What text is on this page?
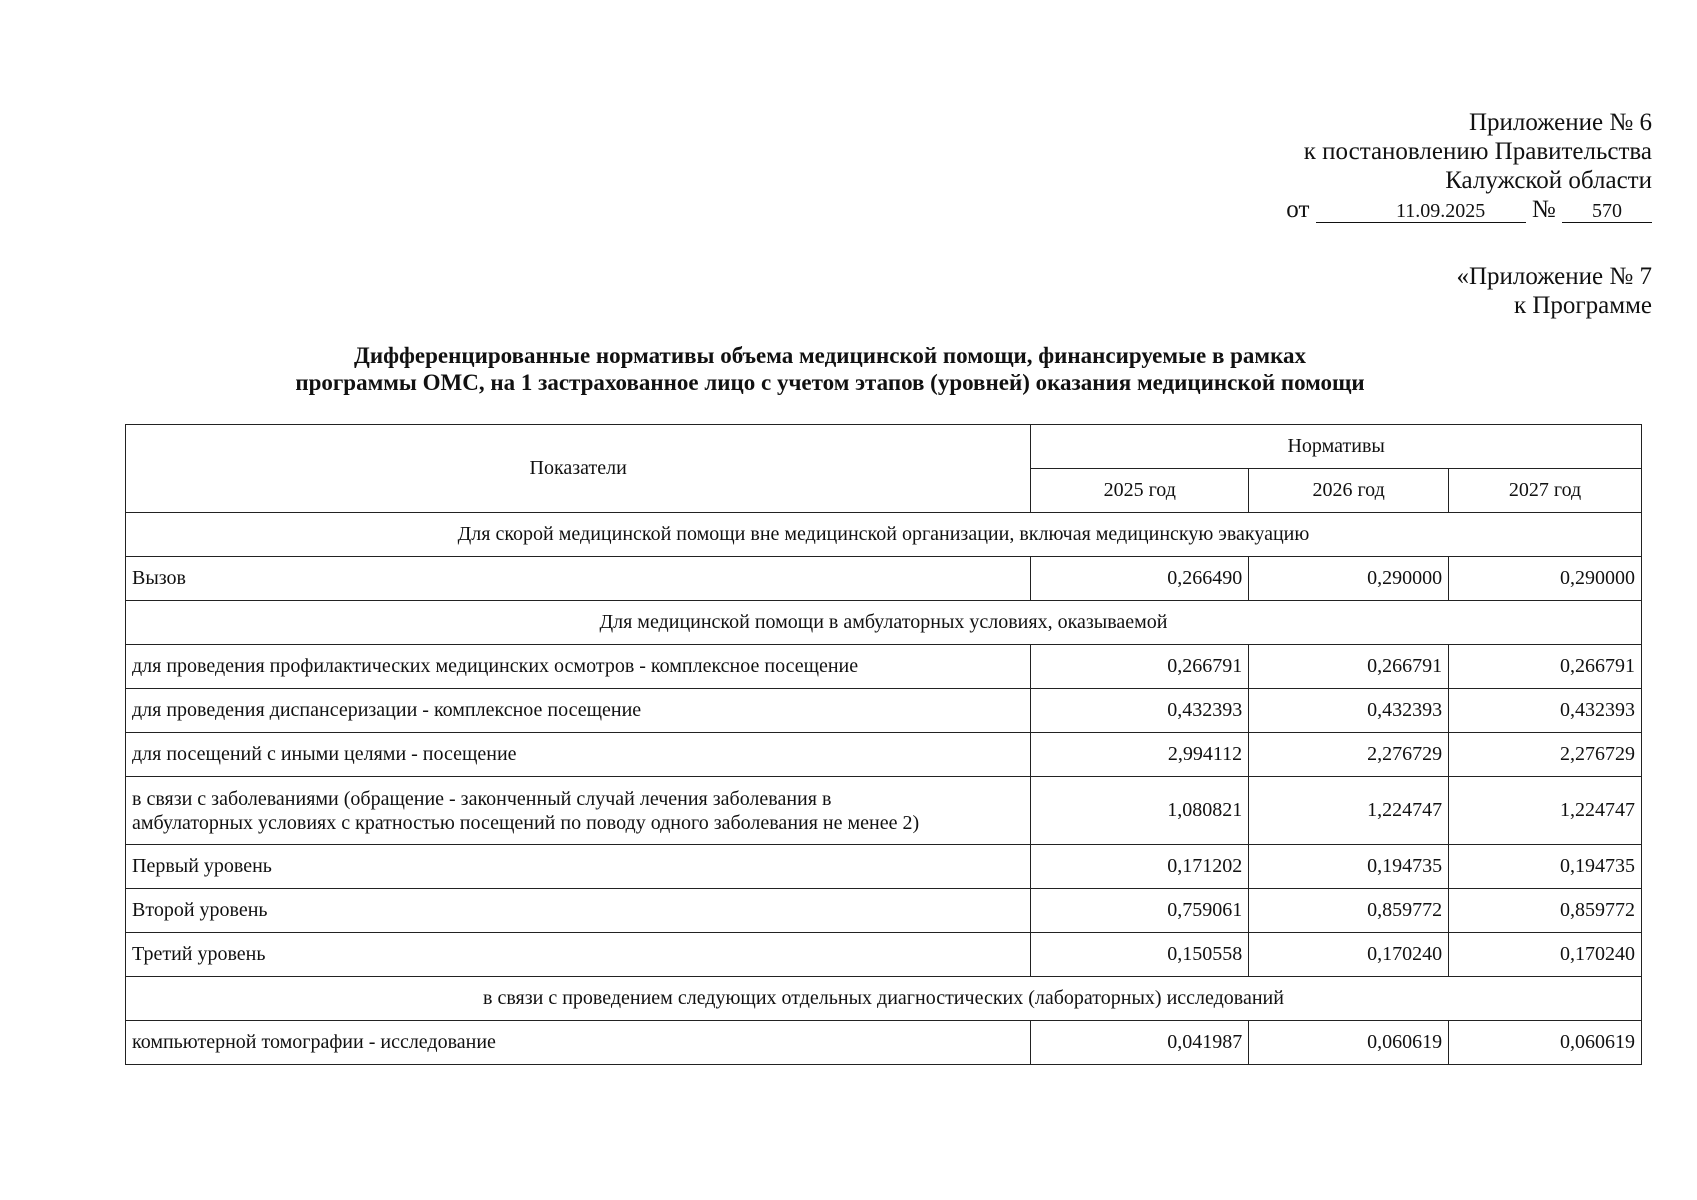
Приложение № 6
к постановлению Правительства
Калужской области
от	11.09.2025 № 570
«Приложение № 7
к Программе
Дифференцированные нормативы объема медицинской помощи, финансируемые в рамках
программы ОМС, на 1 застрахованное лицо с учетом этапов (уровней) оказания медицинской помощи
Показатели	Нормативы		
	2025 год	2026 год	2027 год
Для скорой медицинской помощи вне медицинской организации, включая медицинскую эвакуацию			
Вызов	0,266490	0,290000	0,290000
Для медицинской помощи в амбулаторных условиях, оказываемой			
для проведения профилактических медицинских осмотров - комплексное посещение	0,266791	0,266791	0,266791
для проведения диспансеризации - комплексное посещение	0,432393	0,432393	0,432393
для посещений с иными целями - посещение	2,994112	2,276729	2,276729

в связи с заболеваниями (обращение - законченный случай лечения заболевания в
амбулаторных условиях с кратностью посещений по поводу одного заболевания не менее 2)	1,080821	1,224747	1,224747
Первый уровень	0,171202	0,194735	0,194735
Второй уровень	0,759061	0,859772	0,859772
Третий уровень	0,150558	0,170240	0,170240
в связи с проведением следующих отдельных диагностических (лабораторных) исследований			
компьютерной томографии - исследование	0,041987	0,060619	0,060619
